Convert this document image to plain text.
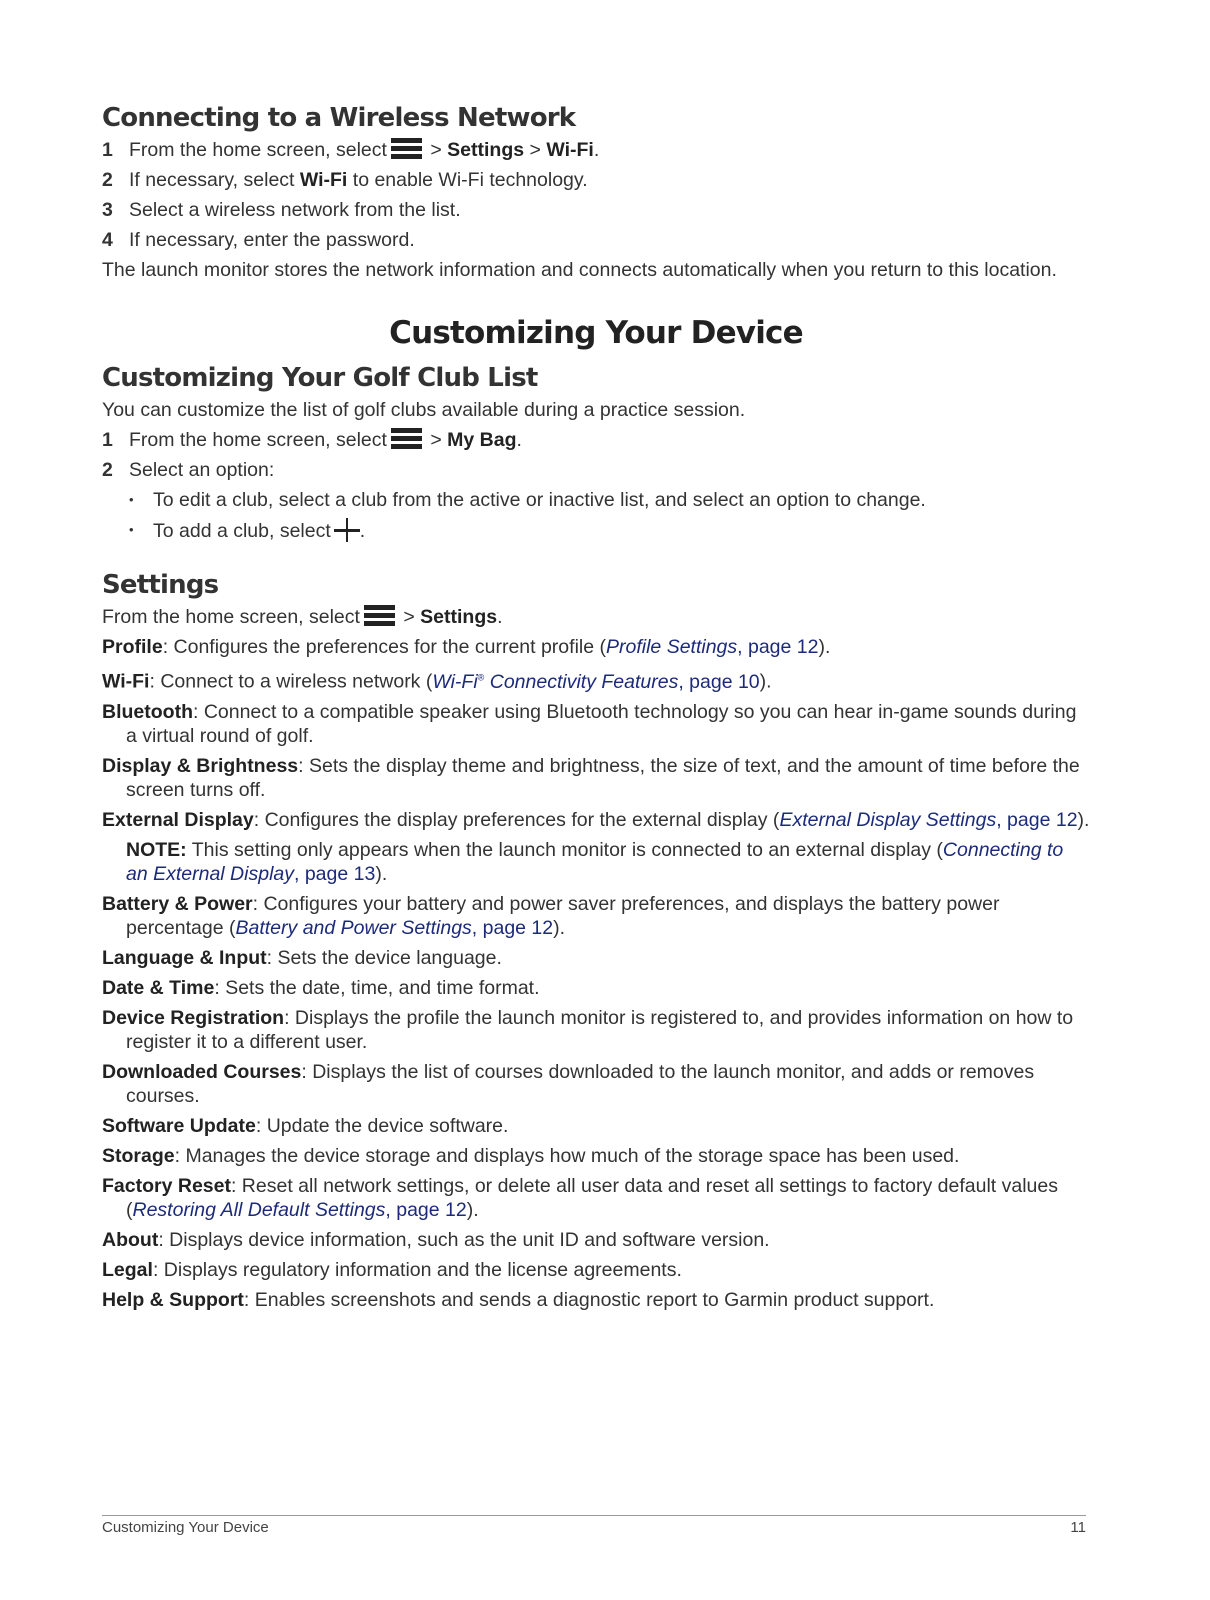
Connecting to a Wireless Network
1 From the home screen, select
> Settings > Wi-Fi.
2 If necessary, select Wi-Fi to enable Wi-Fi technology.
3 Select a wireless network from the list.
4 If necessary, enter the password.

The launch monitor stores the network information and connects automatically when you return to this location.

Customizing Your Device
Customizing Your Golf Club List

You can customize the list of golf clubs available during a practice session.

1 From the home screen, select
> My Bag.
2 Select an option:
• To edit a club, select a club from the active or inactive list, and select an option to change.
• To add a club, select .
Settings

From the home screen, select
> Settings.

Profile: Configures the preferences for the current profile (Profile Settings, page 12).

Wi-Fi: Connect to a wireless network (Wi-Fi® Connectivity Features, page 10).

Bluetooth: Connect to a compatible speaker using Bluetooth technology so you can hear in-game sounds during a virtual round of golf.

Display & Brightness: Sets the display theme and brightness, the size of text, and the amount of time before the screen turns off.

External Display: Configures the display preferences for the external display (External Display Settings, page 12).

NOTE: This setting only appears when the launch monitor is connected to an external display (Connecting to an External Display, page 13).

Battery & Power: Configures your battery and power saver preferences, and displays the battery power percentage (Battery and Power Settings, page 12).

Language & Input: Sets the device language.

Date & Time: Sets the date, time, and time format.

Device Registration: Displays the profile the launch monitor is registered to, and provides information on how to register it to a different user.

Downloaded Courses: Displays the list of courses downloaded to the launch monitor, and adds or removes courses.

Software Update: Update the device software.

Storage: Manages the device storage and displays how much of the storage space has been used.

Factory Reset: Reset all network settings, or delete all user data and reset all settings to factory default values (Restoring All Default Settings, page 12).

About: Displays device information, such as the unit ID and software version.

Legal: Displays regulatory information and the license agreements.

Help & Support: Enables screenshots and sends a diagnostic report to Garmin product support.

Customizing Your Device	11
